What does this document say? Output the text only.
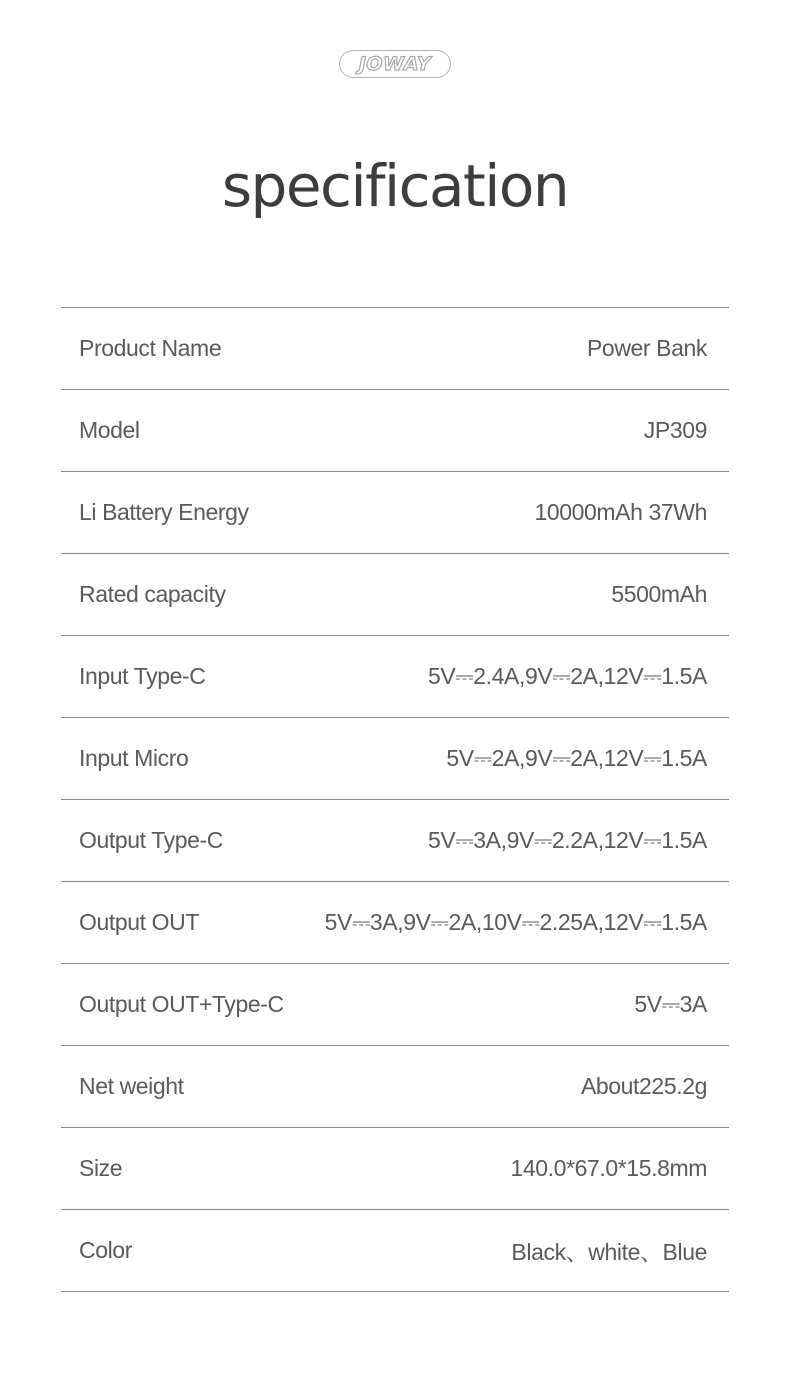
JOWAY
specification
Product Name	Power Bank
Model	JP309
Li Battery Energy	10000mAh 37Wh
Rated capacity	5500mAh
Input Type-C	5V⎓2.4A,9V⎓2A,12V⎓1.5A
Input Micro	5V⎓2A,9V⎓2A,12V⎓1.5A
Output Type-C	5V⎓3A,9V⎓2.2A,12V⎓1.5A
Output OUT	5V⎓3A,9V⎓2A,10V⎓2.25A,12V⎓1.5A
Output OUT+Type-C	5V⎓3A
Net weight	About225.2g
Size	140.0*67.0*15.8mm
Color	Black、white、Blue
